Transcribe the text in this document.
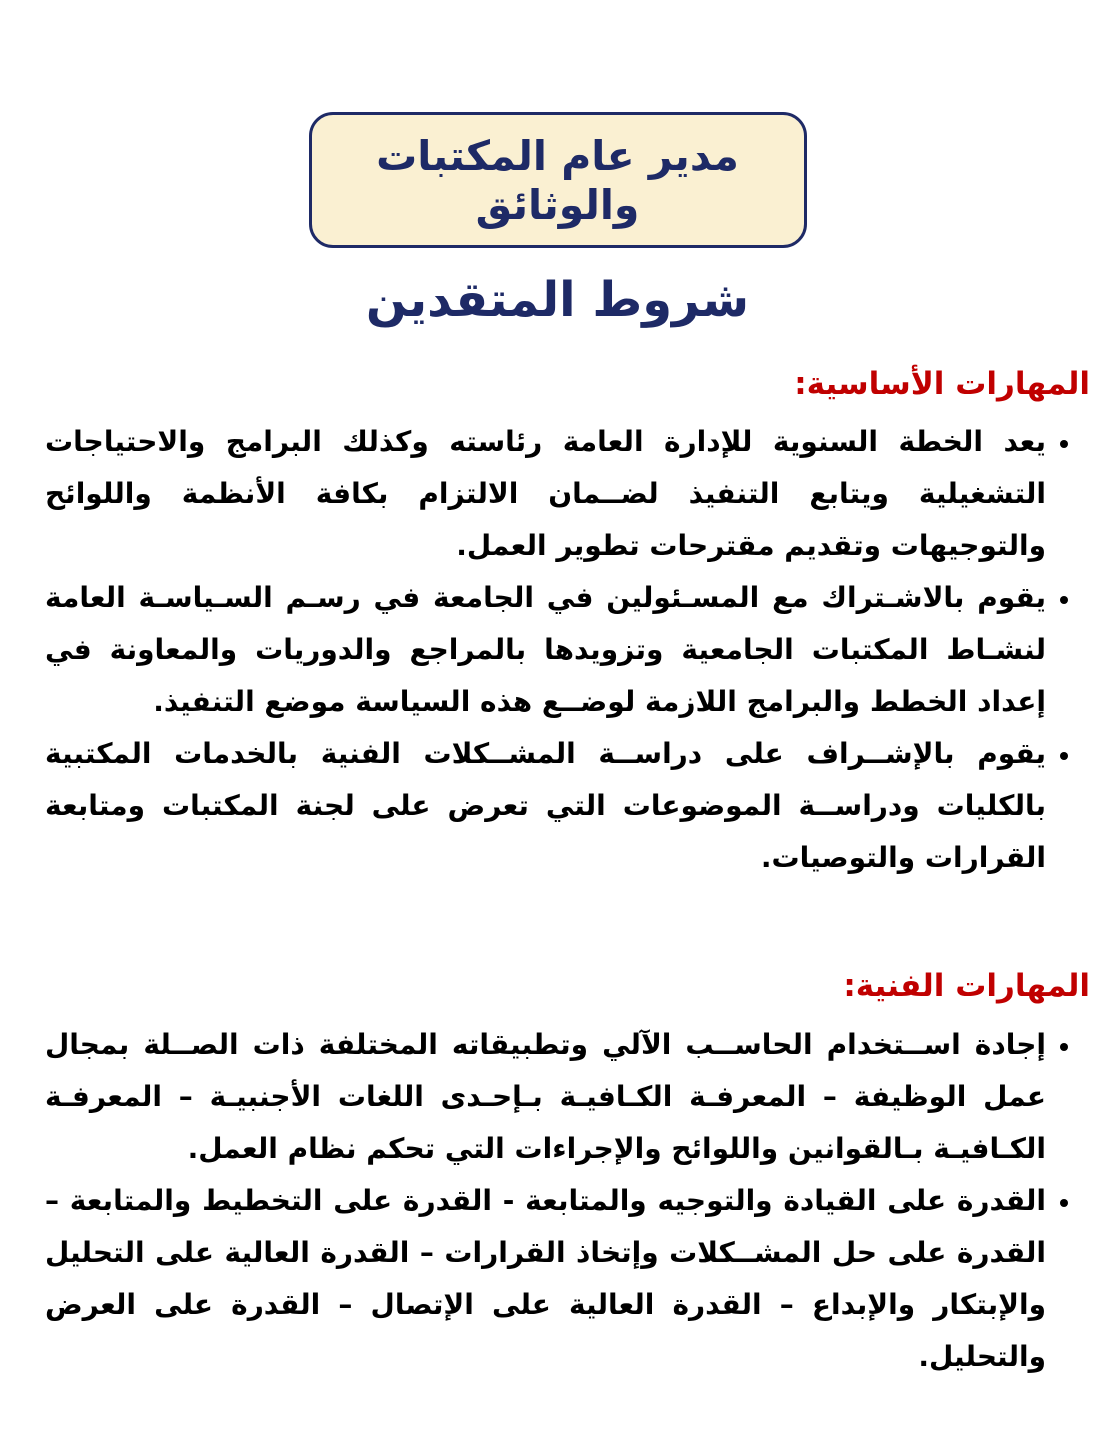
مدير عام المكتبات والوثائق
شروط المتقدين
المهارات الأساسية:
• يعد الخطة السنوية للإدارة العامة رئاسته وكذلك البرامج والاحتياجات التشغيلية ويتابع التنفيذ لضــمان الالتزام بكافة الأنظمة واللوائح والتوجيهات وتقديم مقترحات تطوير العمل.
• يقوم بالاشـتراك مع المسـئولين في الجامعة في رسـم السـياسـة العامة لنشـاط المكتبات الجامعية وتزويدها بالمراجع والدوريات والمعاونة في إعداد الخطط والبرامج اللازمة لوضــع هذه السياسة موضع التنفيذ.
• يقوم بالإشــراف على دراســة المشــكلات الفنية بالخدمات المكتبية بالكليات ودراســة الموضوعات التي تعرض على لجنة المكتبات ومتابعة القرارات والتوصيات.
المهارات الفنية:
• إجادة اســتخدام الحاســب الآلي وتطبيقاته المختلفة ذات الصــلة بمجال عمل الوظيفة – المعرفـة الكـافيـة بـإحـدى اللغات الأجنبيـة – المعرفـة الكـافيـة بـالقوانين واللوائح والإجراءات التي تحكم نظام العمل.
• القدرة على القيادة والتوجيه والمتابعة - القدرة على التخطيط والمتابعة – القدرة على حل المشــكلات وإتخاذ القرارات – القدرة العالية على التحليل والإبتكار والإبداع – القدرة العالية على الإتصال – القدرة على العرض والتحليل.
